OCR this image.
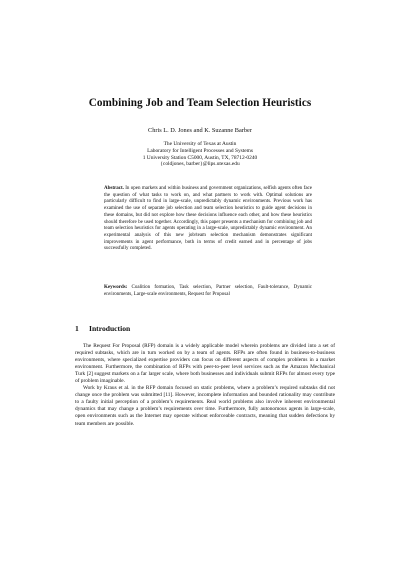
Combining Job and Team Selection Heuristics
Chris L. D. Jones and K. Suzanne Barber
The University of Texas at Austin
Laboratory for Intelligent Processes and Systems
1 University Station C5000, Austin, TX, 78712-0240
{coldjones, barber}@lips.utexas.edu
Abstract. In open markets and within business and government organizations, selfish agents often face the question of what tasks to work on, and what partners to work with. Optimal solutions are particularly difficult to find in large-scale, unpredictably dynamic environments. Previous work has examined the use of separate job selection and team selection heuristics to guide agent decisions in these domains, but did not explore how these decisions influence each other, and how these heuristics should therefore be used together. Accordingly, this paper presents a mechanism for combining job and team selection heuristics for agents operating in a large-scale, unpredictably dynamic environment. An experimental analysis of this new job/team selection mechanism demonstrates significant improvements in agent performance, both in terms of credit earned and in percentage of jobs successfully completed.
Keywords: Coalition formation, Task selection, Partner selection, Fault-tolerance, Dynamic environments, Large-scale environments, Request for Proposal
1 Introduction

The Request For Proposal (RFP) domain is a widely applicable model wherein problems are divided into a set of required subtasks, which are in turn worked on by a team of agents. RFPs are often found in business-to-business environments, where specialized expertise providers can focus on different aspects of complex problems in a market environment. Furthermore, the combination of RFPs with peer-to-peer level services such as the Amazon Mechanical Turk [2] suggest markets on a far larger scale, where both businesses and individuals submit RFPs for almost every type of problem imaginable.

Work by Kraus et al. in the RFP domain focused on static problems, where a problem’s required subtasks did not change once the problem was submitted [11]. However, incomplete information and bounded rationality may contribute to a faulty initial perception of a problem’s requirements. Real world problems also involve inherent environmental dynamics that may change a problem’s requirements over time. Furthermore, fully autonomous agents in large-scale, open environments such as the Internet may operate without enforceable contracts, meaning that sudden defections by team members are possible.
